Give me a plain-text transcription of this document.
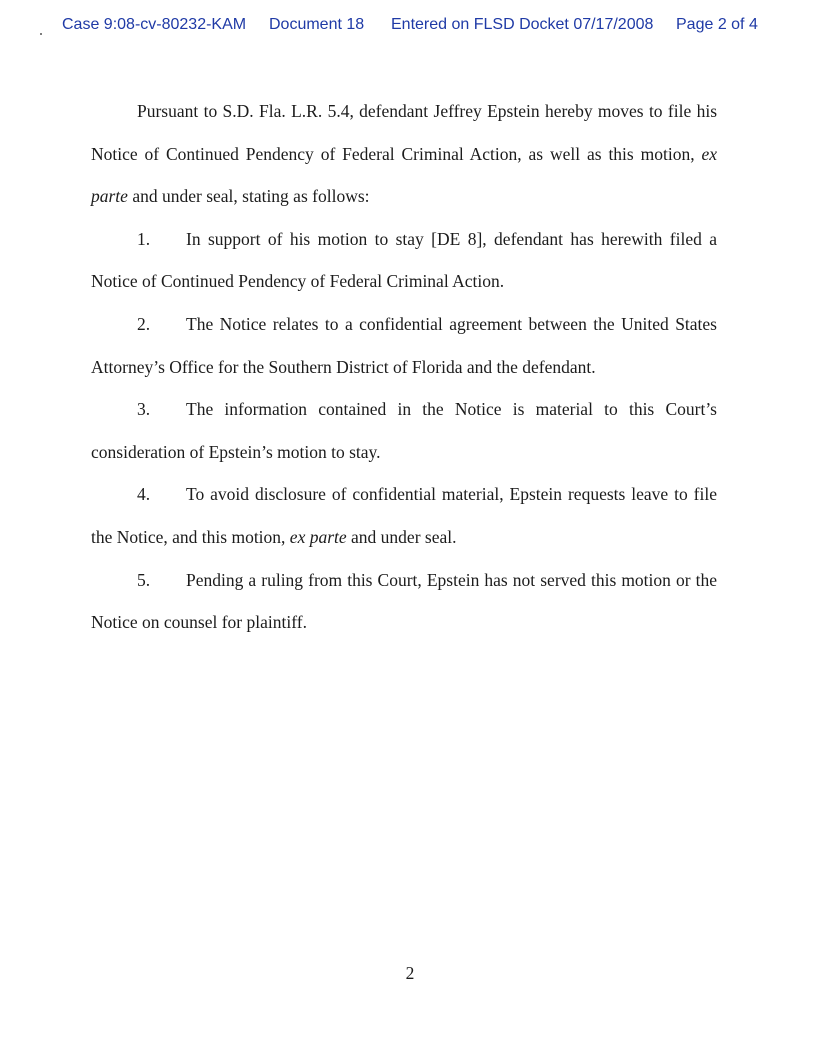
Case 9:08-cv-80232-KAM Document 18 Entered on FLSD Docket 07/17/2008 Page 2 of 4

Pursuant to S.D. Fla. L.R. 5.4, defendant Jeffrey Epstein hereby moves to file his Notice of Continued Pendency of Federal Criminal Action, as well as this motion, ex parte and under seal, stating as follows:

1. In support of his motion to stay [DE 8], defendant has herewith filed a Notice of Continued Pendency of Federal Criminal Action.

2. The Notice relates to a confidential agreement between the United States Attorney’s Office for the Southern District of Florida and the defendant.

3. The information contained in the Notice is material to this Court’s consideration of Epstein’s motion to stay.

4. To avoid disclosure of confidential material, Epstein requests leave to file the Notice, and this motion, ex parte and under seal.

5. Pending a ruling from this Court, Epstein has not served this motion or the Notice on counsel for plaintiff.

2
